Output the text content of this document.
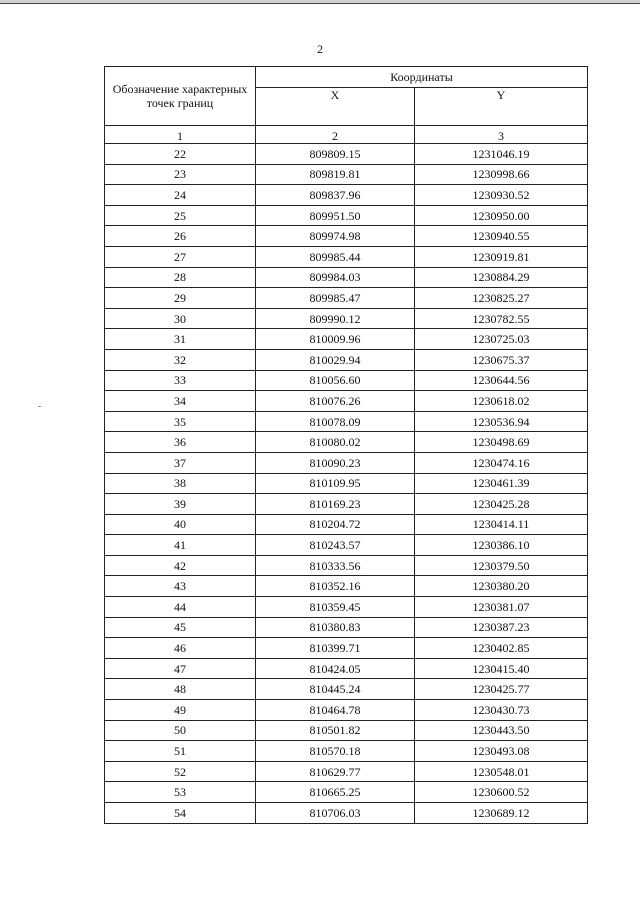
2
Обозначение характерных точек границ	Координаты	
	X	Y
1	2	3
22	809809.15	1231046.19
23	809819.81	1230998.66
24	809837.96	1230930.52
25	809951.50	1230950.00
26	809974.98	1230940.55
27	809985.44	1230919.81
28	809984.03	1230884.29
29	809985.47	1230825.27
30	809990.12	1230782.55
31	810009.96	1230725.03
32	810029.94	1230675.37
33	810056.60	1230644.56
34	810076.26	1230618.02
35	810078.09	1230536.94
36	810080.02	1230498.69
37	810090.23	1230474.16
38	810109.95	1230461.39
39	810169.23	1230425.28
40	810204.72	1230414.11
41	810243.57	1230386.10
42	810333.56	1230379.50
43	810352.16	1230380.20
44	810359.45	1230381.07
45	810380.83	1230387.23
46	810399.71	1230402.85
47	810424.05	1230415.40
48	810445.24	1230425.77
49	810464.78	1230430.73
50	810501.82	1230443.50
51	810570.18	1230493.08
52	810629.77	1230548.01
53	810665.25	1230600.52
54	810706.03	1230689.12
